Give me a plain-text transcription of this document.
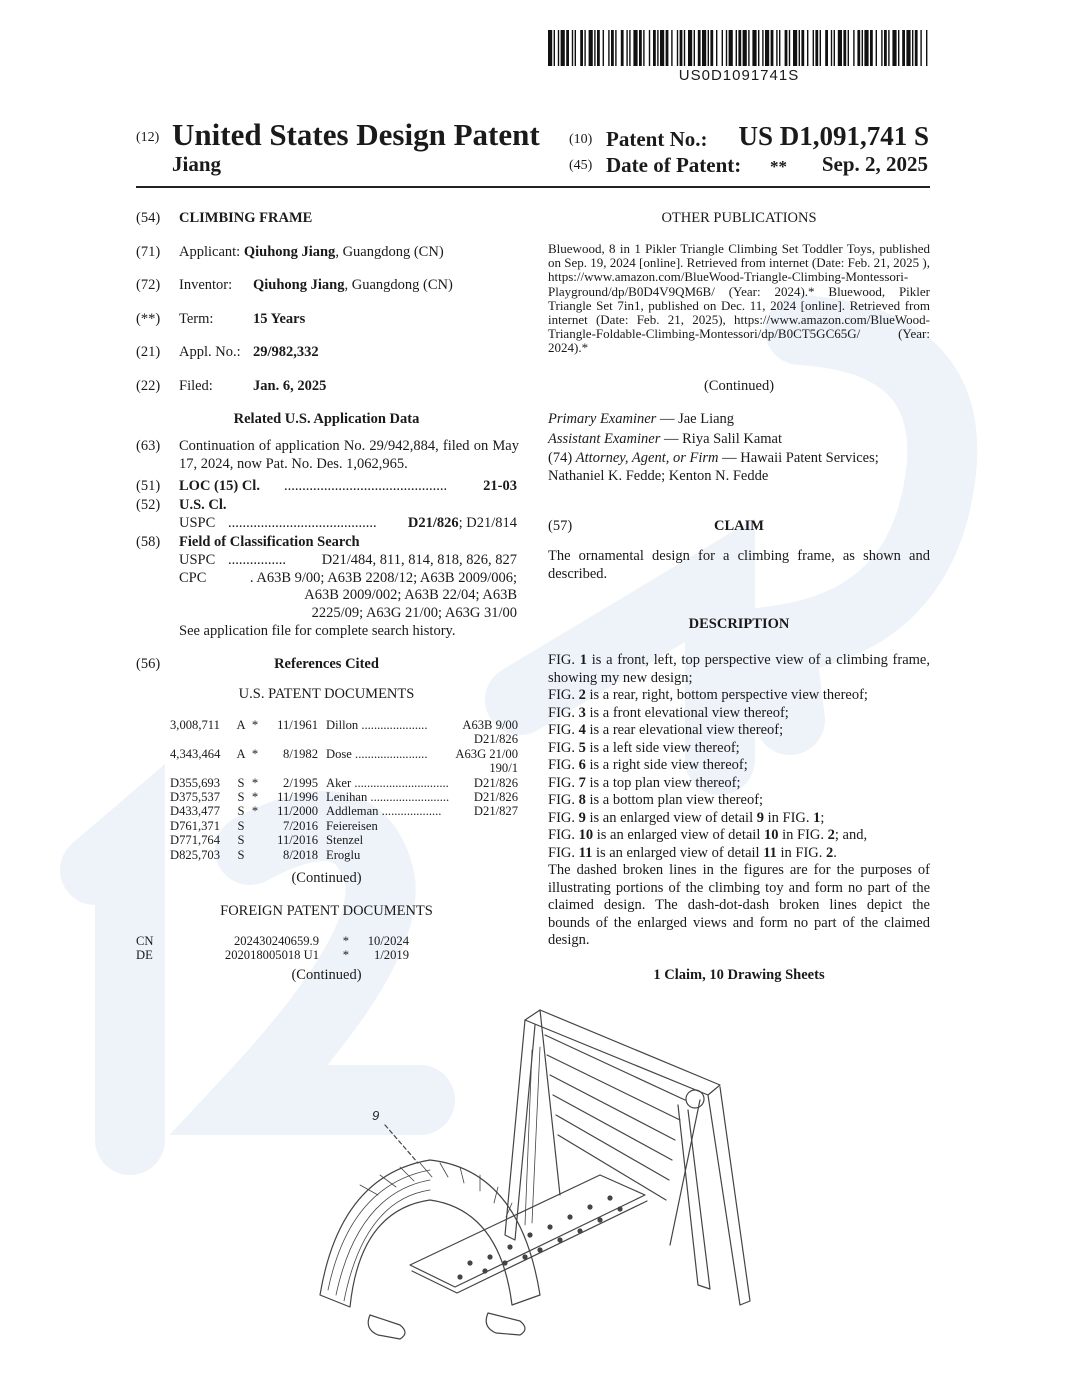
US0D1091741S
(12) United States Design Patent
Jiang
(10) Patent No.: US D1,091,741 S
(45) Date of Patent: ** Sep. 2, 2025
(54) CLIMBING FRAME
(71) Applicant: Qiuhong Jiang, Guangdong (CN)
(72) Inventor: Qiuhong Jiang, Guangdong (CN)
(**) Term:	15 Years
(21) Appl. No.: 29/982,332
(22) Filed:	Jan. 6, 2025
Related U.S. Application Data
(63) Continuation of application No. 29/942,884, filed on May 17, 2024, now Pat. No. Des. 1,062,965.
(51) LOC (15) Cl. .............................................	21-03
(52) U.S. Cl.
USPC .........................................	D21/826; D21/814
(58) Field of Classification Search
USPC ................	D21/484, 811, 814, 818, 826, 827
CPC	. A63B 9/00; A63B 2208/12; A63B 2009/006;
A63B 2009/002; A63B 22/04; A63B
2225/09; A63G 21/00; A63G 31/00
See application file for complete search history.
(56)	References Cited
U.S. PATENT DOCUMENTS
3,008,711	A	*	11/1961	Dillon ..................... A63B 9/00
D21/826

4,343,464	A	*	8/1982	Dose ....................... A63G 21/00
190/1

D355,693	S	*	2/1995	Aker .............................. D21/826

D375,537	S	*	11/1996	Lenihan ......................... D21/826

D433,477	S	*	11/2000	Addleman ................... D21/827

D761,371	S		7/2016	Feiereisen

D771,764	S		11/2016	Stenzel

D825,703	S		8/2018	Eroglu
(Continued)
FOREIGN PATENT DOCUMENTS
CN	202430240659.9	*	10/2024
DE	202018005018 U1	*	1/2019
(Continued)
OTHER PUBLICATIONS
Bluewood, 8 in 1 Pikler Triangle Climbing Set Toddler Toys, published on Sep. 19, 2024 [online]. Retrieved from internet (Date: Feb. 21, 2025 ), https://www.amazon.com/BlueWood-Triangle-Climbing-Montessori-Playground/dp/B0D4V9QM6B/ (Year: 2024).* Bluewood, Pikler Triangle Set 7in1, published on Dec. 11, 2024 [online]. Retrieved from internet (Date: Feb. 21, 2025), https://www.amazon.com/BlueWood-Triangle-Foldable-Climbing-Montessori/dp/B0CT5GC65G/ (Year: 2024).*
(Continued)
Primary Examiner — Jae Liang
Assistant Examiner — Riya Salil Kamat
(74) Attorney, Agent, or Firm — Hawaii Patent Services; Nathaniel K. Fedde; Kenton N. Fedde
(57)	CLAIM
The ornamental design for a climbing frame, as shown and described.
DESCRIPTION

FIG. 1 is a front, left, top perspective view of a climbing frame, showing my new design;

FIG. 2 is a rear, right, bottom perspective view thereof;

FIG. 3 is a front elevational view thereof;

FIG. 4 is a rear elevational view thereof;

FIG. 5 is a left side view thereof;

FIG. 6 is a right side view thereof;

FIG. 7 is a top plan view thereof;

FIG. 8 is a bottom plan view thereof;

FIG. 9 is an enlarged view of detail 9 in FIG. 1;

FIG. 10 is an enlarged view of detail 10 in FIG. 2; and,

FIG. 11 is an enlarged view of detail 11 in FIG. 2.

The dashed broken lines in the figures are for the purposes of illustrating portions of the climbing toy and form no part of the claimed design. The dash-dot-dash broken lines depict the bounds of the enlarged views and form no part of the claimed design.

1 Claim, 10 Drawing Sheets
9
